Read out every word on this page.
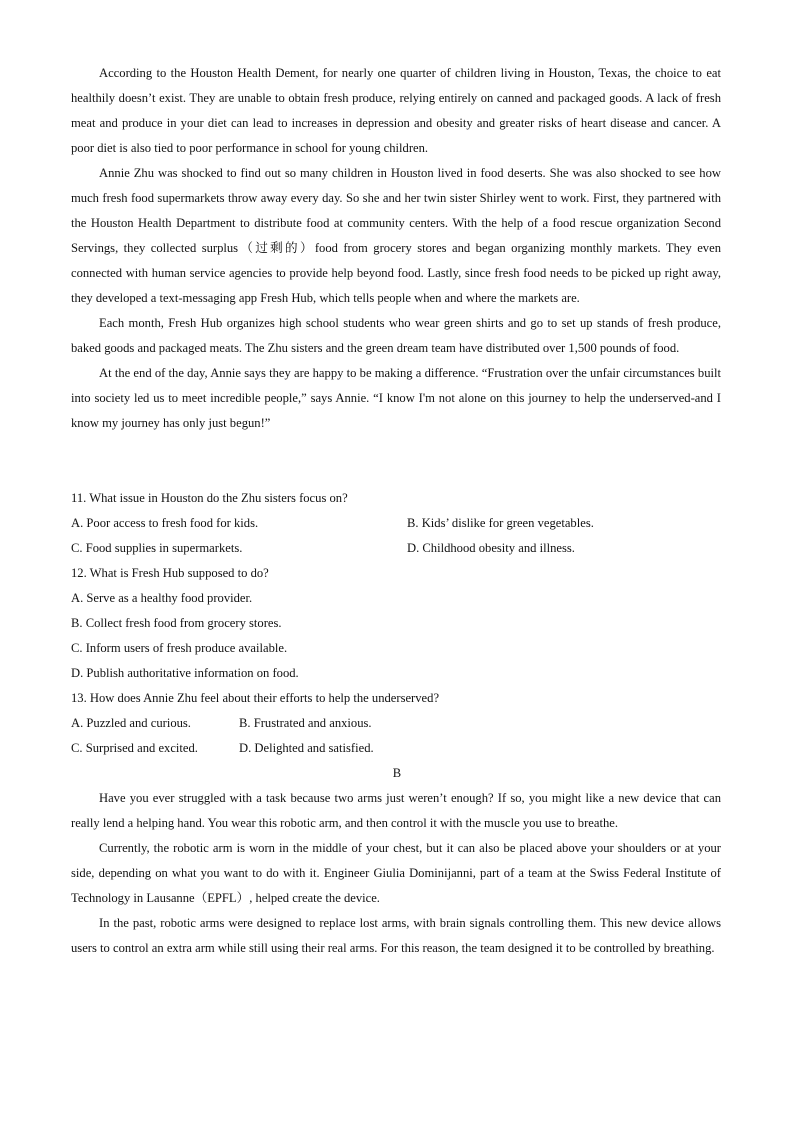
According to the Houston Health Dement, for nearly one quarter of children living in Houston, Texas, the choice to eat healthily doesn’t exist. They are unable to obtain fresh produce, relying entirely on canned and packaged goods. A lack of fresh meat and produce in your diet can lead to increases in depression and obesity and greater risks of heart disease and cancer. A poor diet is also tied to poor performance in school for young children.

Annie Zhu was shocked to find out so many children in Houston lived in food deserts. She was also shocked to see how much fresh food supermarkets throw away every day. So she and her twin sister Shirley went to work. First, they partnered with the Houston Health Department to distribute food at community centers. With the help of a food rescue organization Second Servings, they collected surplus（过剩的）food from grocery stores and began organizing monthly markets. They even connected with human service agencies to provide help beyond food. Lastly, since fresh food needs to be picked up right away, they developed a text-messaging app Fresh Hub, which tells people when and where the markets are.

Each month, Fresh Hub organizes high school students who wear green shirts and go to set up stands of fresh produce, baked goods and packaged meats. The Zhu sisters and the green dream team have distributed over 1,500 pounds of food.

At the end of the day, Annie says they are happy to be making a difference. “Frustration over the unfair circumstances built into society led us to meet incredible people,” says Annie. “I know I'm not alone on this journey to help the underserved-and I know my journey has only just begun!”

11. What issue in Houston do the Zhu sisters focus on?

A. Poor access to fresh food for kids.	B. Kids’ dislike for green vegetables.
C. Food supplies in supermarkets.	D. Childhood obesity and illness.

12. What is Fresh Hub supposed to do?

A. Serve as a healthy food provider.

B. Collect fresh food from grocery stores.

C. Inform users of fresh produce available.

D. Publish authoritative information on food.

13. How does Annie Zhu feel about their efforts to help the underserved?

A. Puzzled and curious.	B. Frustrated and anxious.
C. Surprised and excited.	D. Delighted and satisfied.
B

Have you ever struggled with a task because two arms just weren’t enough? If so, you might like a new device that can really lend a helping hand. You wear this robotic arm, and then control it with the muscle you use to breathe.

Currently, the robotic arm is worn in the middle of your chest, but it can also be placed above your shoulders or at your side, depending on what you want to do with it. Engineer Giulia Dominijanni, part of a team at the Swiss Federal Institute of Technology in Lausanne（EPFL）, helped create the device.

In the past, robotic arms were designed to replace lost arms, with brain signals controlling them. This new device allows users to control an extra arm while still using their real arms. For this reason, the team designed it to be controlled by breathing.
